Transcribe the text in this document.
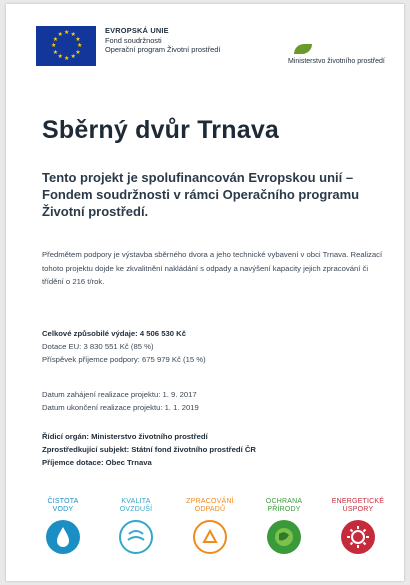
★
★
★
★
★
★
★
★
★ ★ ★
★
EVROPSKÁ UNIE
Fond soudržnosti
Operační program Životní prostředí
Ministerstvo životního prostředí
Sběrný dvůr Trnava

Tento projekt je spolufinancován Evropskou unií – Fondem soudržnosti v rámci Operačního programu Životní prostředí.

Předmětem podpory je výstavba sběrného dvora a jeho technické vybavení v obci Trnava. Realizací tohoto projektu dojde ke zkvalitnění nakládání s odpady a navýšení kapacity jejich zpracování či třídění o 216 t/rok.

Celkové způsobilé výdaje: 4 506 530 Kč
Dotace EU: 3 830 551 Kč (85 %)
Příspěvek příjemce podpory: 675 979 Kč (15 %)
Datum zahájení realizace projektu: 1. 9. 2017
Datum ukončení realizace projektu: 1. 1. 2019
Řídicí orgán: Ministerstvo životního prostředí
Zprostředkující subjekt: Státní fond životního prostředí ČR
Příjemce dotace: Obec Trnava
ČISTOTA
VODY
KVALITA
OVZDUŠÍ
ZPRACOVÁNÍ
ODPADŮ
OCHRANA
PŘÍRODY
ENERGETICKÉ
ÚSPORY
